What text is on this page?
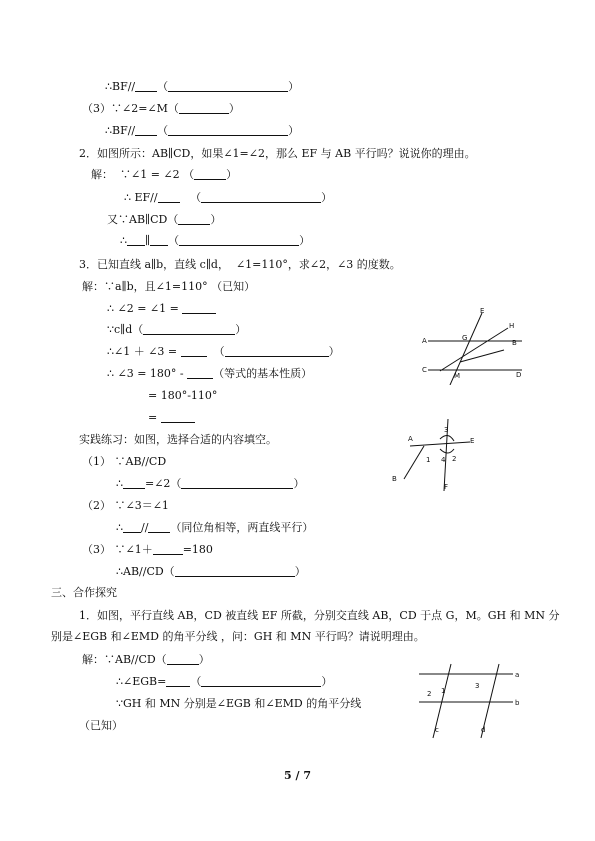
∴BF// （	）
（3）∵∠2=∠M（	）
∴BF// （	）
2．如图所示：AB∥CD，如果∠1=∠2，那么 EF 与 AB 平行吗？说说你的理由。
解：  ∵∠1 = ∠2 （	）
∴ EF//   （	）
又∵AB∥CD（	）
∴ ∥ （	）
3．已知直线 a∥b，直线 c∥d，  ∠1=110°，求∠2，∠3 的度数。
解：∵a∥b，且∠1=110° （已知）
∴ ∠2 = ∠1 =
∵c∥d（	）
∴∠1 ＋ ∠3 =   （	）
∴ ∠3 = 180° - （等式的基本性质）
= 180°-110°
=
实践练习：如图，选择合适的内容填空。
（1） ∵AB//CD
∴ =∠2（	）
（2） ∵∠3＝∠1
∴ // （同位角相等，两直线平行）
（3） ∵∠1＋	=180
∴AB//CD（	）
三、合作探究
1．如图，平行直线 AB，CD 被直线 EF 所截，分别交直线 AB，CD 于点 G，M。GH 和 MN 分
别是∠EGB 和∠EMD 的角平分线 ，问：GH 和 MN 平行吗？请说明理由。
解：∵AB//CD（	）
∴∠EGB= （	）
∵GH 和 MN 分别是∠EGB 和∠EMD 的角平分线
（已知）
E
H
A	G
B
C
M	D
A
3
E
1 4 2
B
F
a
2 1
3
b
c	d
5 / 7
